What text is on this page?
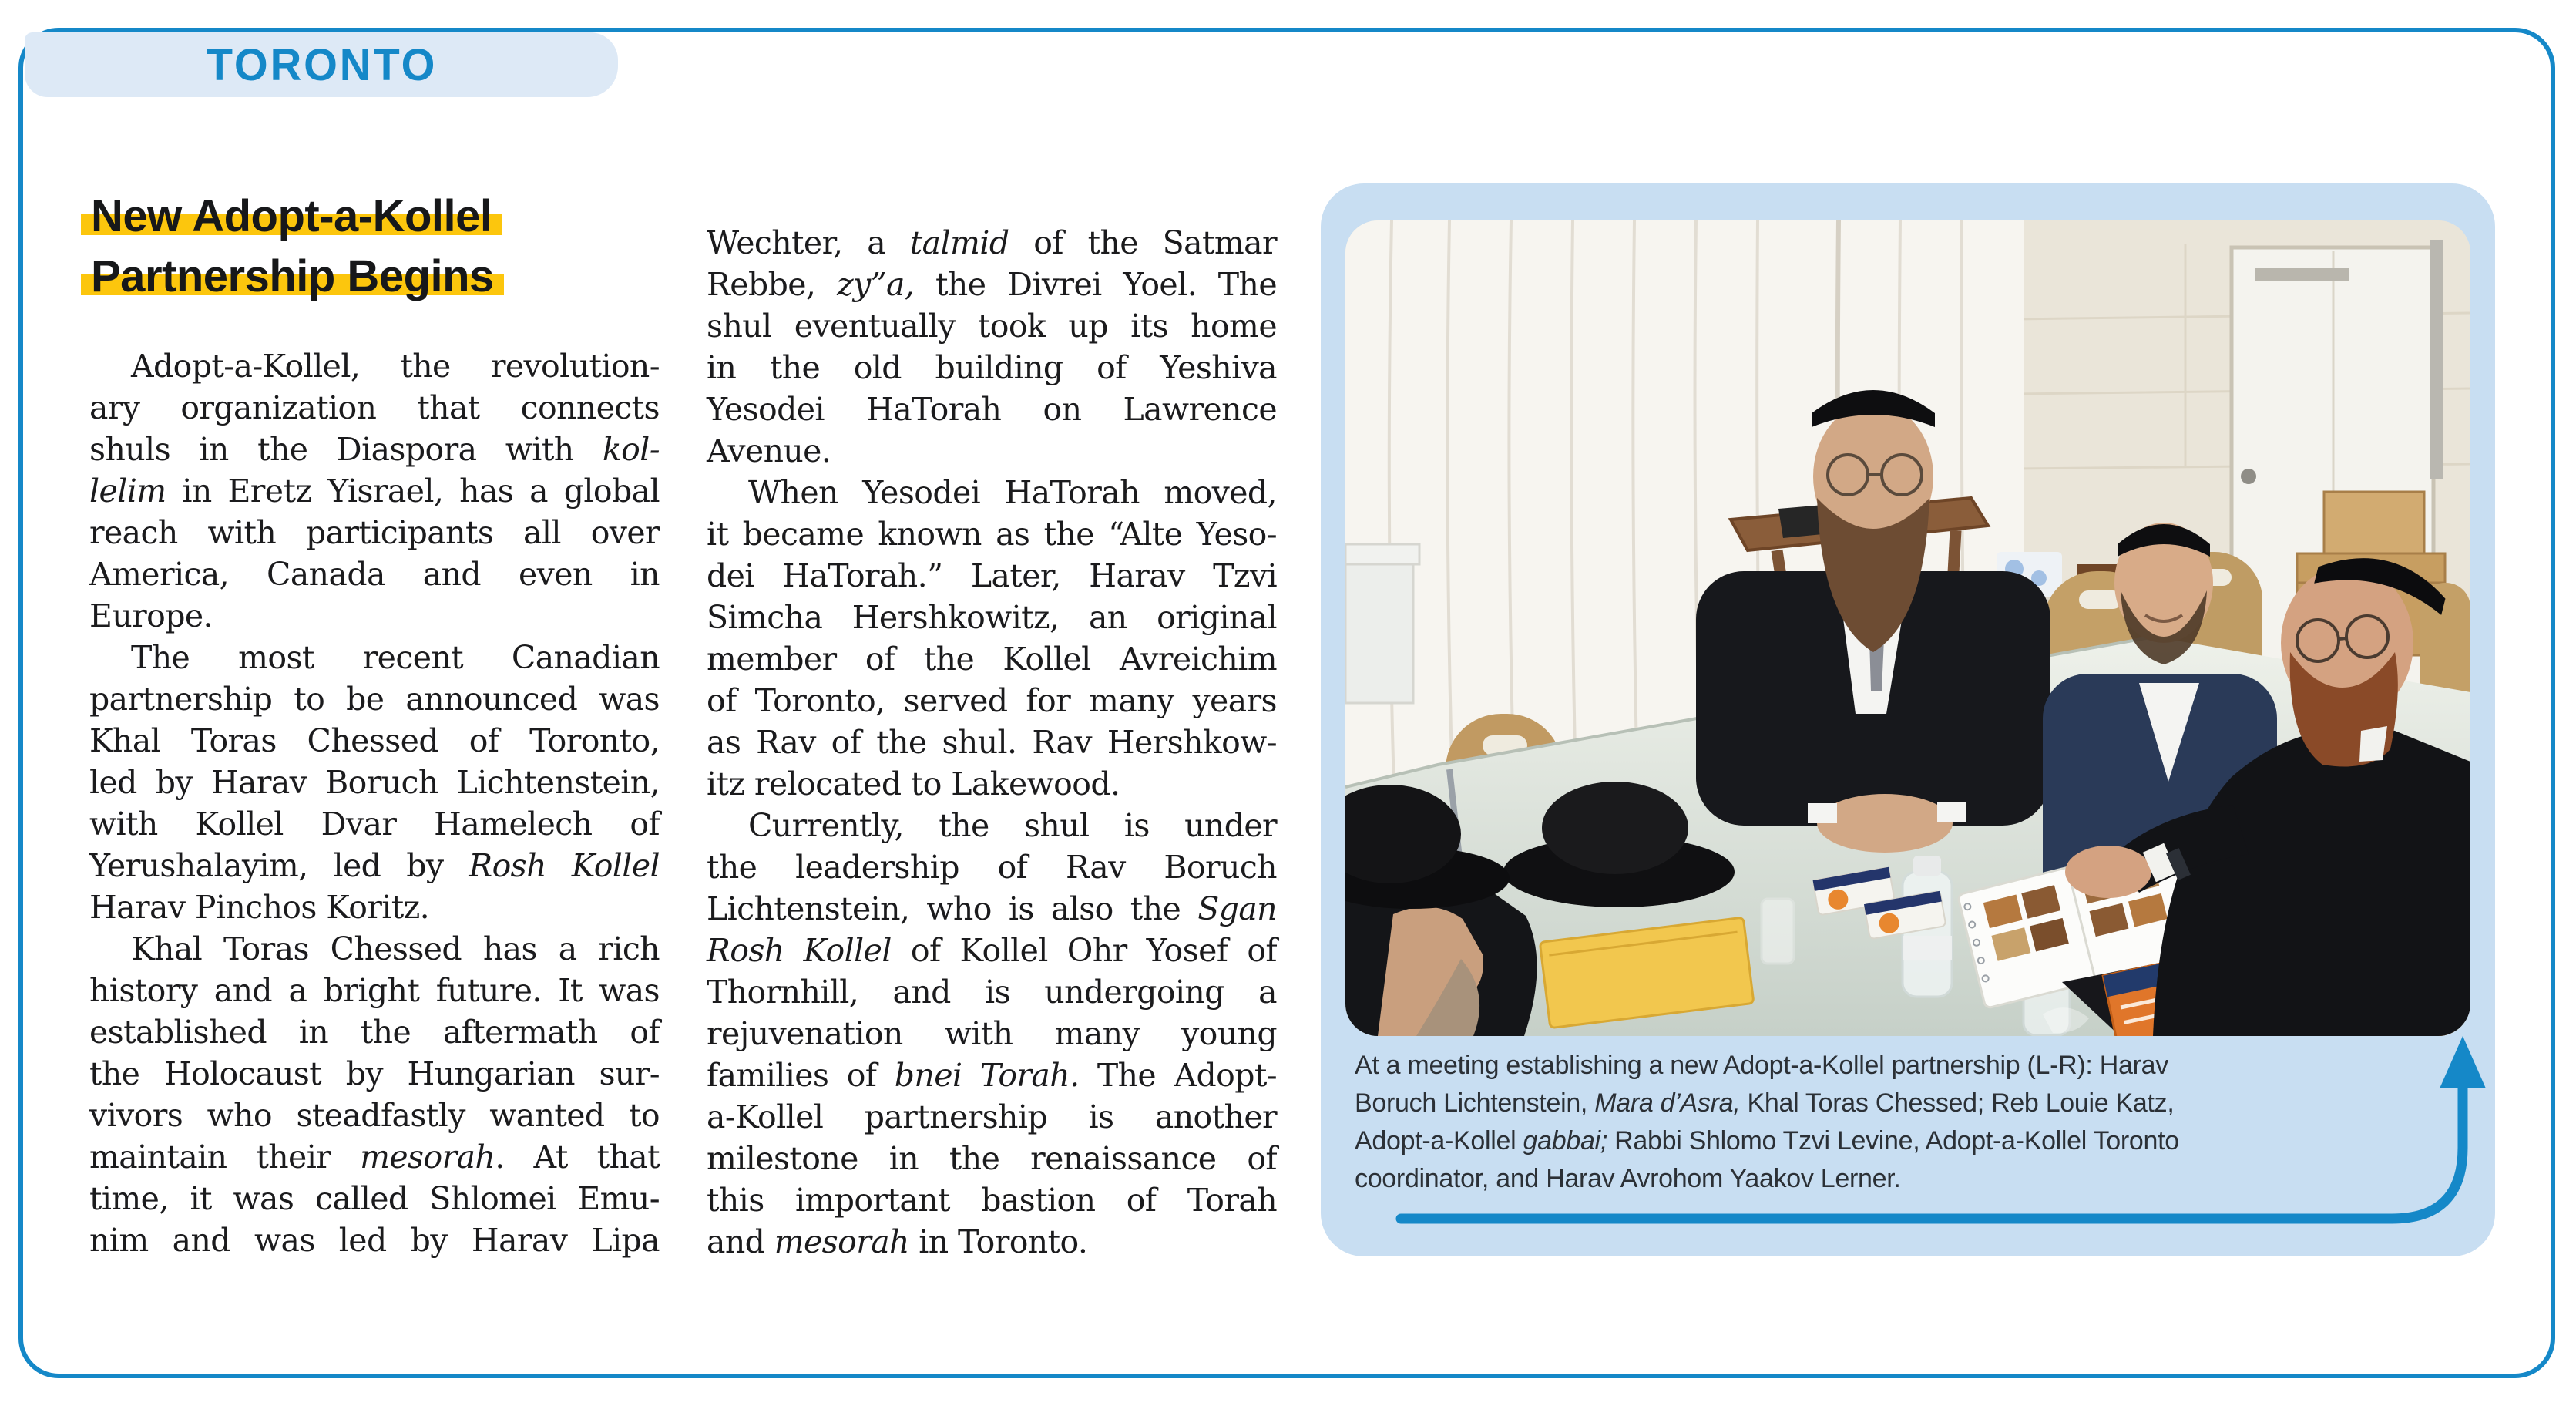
TORONTO
New Adopt-a-Kollel
Partnership Begins
Adopt-a-Kollel, the revolution-
ary organization that connects
shuls in the Diaspora with kol-
lelim in Eretz Yisrael, has a global
reach with participants all over
America, Canada and even in
Europe.
The most recent Canadian
partnership to be announced was
Khal Toras Chessed of Toronto,
led by Harav Boruch Lichtenstein,
with Kollel Dvar Hamelech of
Yerushalayim, led by Rosh Kollel
Harav Pinchos Koritz.
Khal Toras Chessed has a rich
history and a bright future. It was
established in the aftermath of
the Holocaust by Hungarian sur-
vivors who steadfastly wanted to
maintain their mesorah. At that
time, it was called Shlomei Emu-
nim and was led by Harav Lipa
Wechter, a talmid of the Satmar
Rebbe, zy”a, the Divrei Yoel. The
shul eventually took up its home
in the old building of Yeshiva
Yesodei HaTorah on Lawrence
Avenue.
When Yesodei HaTorah moved,
it became known as the “Alte Yeso-
dei HaTorah.” Later, Harav Tzvi
Simcha Hershkowitz, an original
member of the Kollel Avreichim
of Toronto, served for many years
as Rav of the shul. Rav Hershkow-
itz relocated to Lakewood.
Currently, the shul is under
the leadership of Rav Boruch
Lichtenstein, who is also the Sgan
Rosh Kollel of Kollel Ohr Yosef of
Thornhill, and is undergoing a
rejuvenation with many young
families of bnei Torah. The Adopt-
a-Kollel partnership is another
milestone in the renaissance of
this important bastion of Torah
and mesorah in Toronto.
At a meeting establishing a new Adopt-a-Kollel partnership (L-R): Harav
Boruch Lichtenstein, Mara d’Asra, Khal Toras Chessed; Reb Louie Katz,
Adopt-a-Kollel gabbai; Rabbi Shlomo Tzvi Levine, Adopt-a-Kollel Toronto
coordinator, and Harav Avrohom Yaakov Lerner.
